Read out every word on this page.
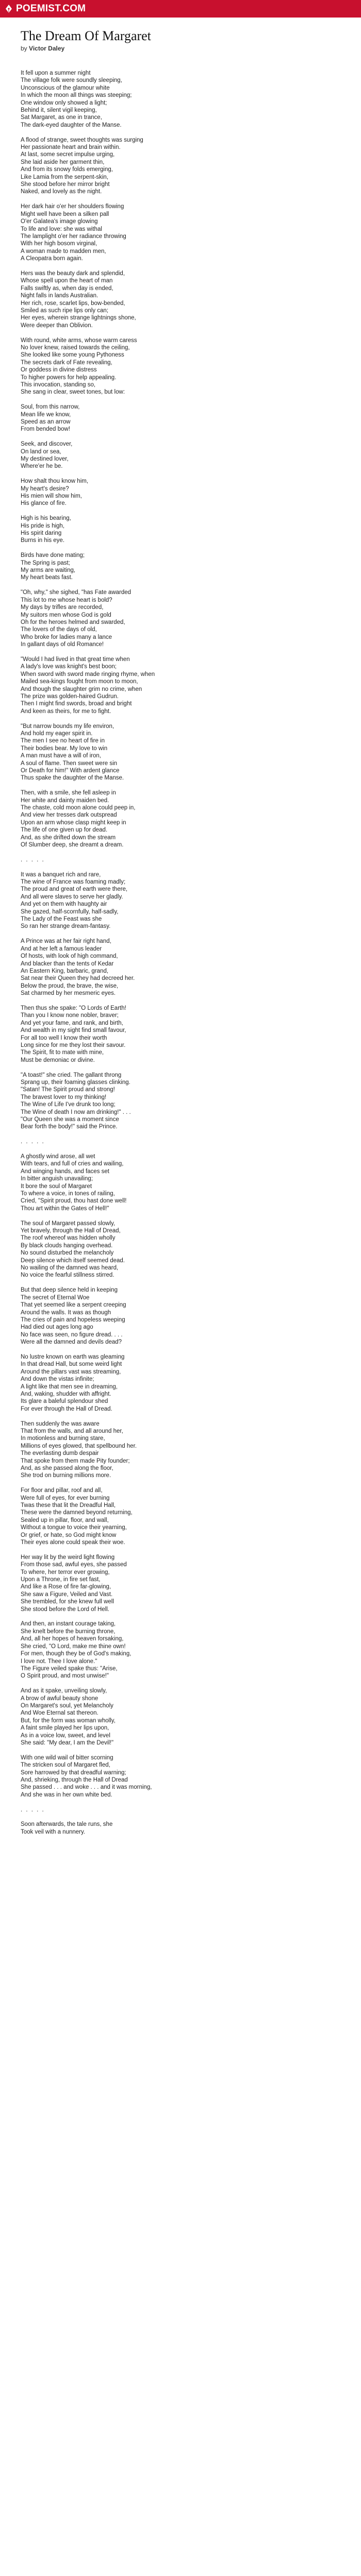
POEMIST.COM
The Dream Of Margaret
by Victor Daley
It fell upon a summer night
The village folk were soundly sleeping,
Unconscious of the glamour white
In which the moon all things was steeping;
One window only showed a light;
Behind it, silent vigil keeping,
Sat Margaret, as one in trance,
The dark-eyed daughter of the Manse.
A flood of strange, sweet thoughts was surging
Her passionate heart and brain within.
At last, some secret impulse urging,
She laid aside her garment thin,
And from its snowy folds emerging,
Like Lamia from the serpent-skin,
She stood before her mirror bright
Naked, and lovely as the night.
Her dark hair o'er her shoulders flowing
Might well have been a silken pall
O'er Galatea's image glowing
To life and love: she was withal
The lamplight o'er her radiance throwing
With her high bosom virginal,
A woman made to madden men,
A Cleopatra born again.
Hers was the beauty dark and splendid,
Whose spell upon the heart of man
Falls swiftly as, when day is ended,
Night falls in lands Australian.
Her rich, rose, scarlet lips, bow-bended,
Smiled as such ripe lips only can;
Her eyes, wherein strange lightnings shone,
Were deeper than Oblivion.
With round, white arms, whose warm caress
No lover knew, raised towards the ceiling,
She looked like some young Pythoness
The secrets dark of Fate revealing,
Or goddess in divine distress
To higher powers for help appealing.
This invocation, standing so,
She sang in clear, sweet tones, but low:
Soul, from this narrow,
Mean life we know,
Speed as an arrow
From bended bow!
Seek, and discover,
On land or sea,
My destined lover,
Where'er he be.
How shalt thou know him,
My heart's desire?
His mien will show him,
His glance of fire.
High is his bearing,
His pride is high,
His spirit daring
Burns in his eye.
Birds have done mating;
The Spring is past;
My arms are waiting,
My heart beats fast.
"Oh, why," she sighed, "has Fate awarded
This lot to me whose heart is bold?
My days by trifles are recorded,
My suitors men whose God is gold
Oh for the heroes helmed and swarded,
The lovers of the days of old,
Who broke for ladies many a lance
In gallant days of old Romance!
"Would I had lived in that great time when
A lady's love was knight's best boon;
When sword with sword made ringing rhyme, when
Mailed sea-kings fought from moon to moon,
And though the slaughter grim no crime, when
The prize was golden-haired Gudrun.
Then I might find swords, broad and bright
And keen as theirs, for me to fight.
"But narrow bounds my life environ,
And hold my eager spirit in.
The men I see no heart of fire in
Their bodies bear. My love to win
A man must have a will of iron,
A soul of flame. Then sweet were sin
Or Death for him!" With ardent glance
Thus spake the daughter of the Manse.
Then, with a smile, she fell asleep in
Her white and dainty maiden bed.
The chaste, cold moon alone could peep in,
And view her tresses dark outspread
Upon an arm whose clasp might keep in
The life of one given up for dead.
And, as she drifted down the stream
Of Slumber deep, she dreamt a dream.
. . . . .
It was a banquet rich and rare,
The wine of France was foaming madly;
The proud and great of earth were there,
And all were slaves to serve her gladly.
And yet on them with haughty air
She gazed, half-scornfully, half-sadly,
The Lady of the Feast was she
So ran her strange dream-fantasy.
A Prince was at her fair right hand,
And at her left a famous leader
Of hosts, with look of high command,
And blacker than the tents of Kedar
An Eastern King, barbaric, grand,
Sat near their Queen they had decreed her.
Below the proud, the brave, the wise,
Sat charmed by her mesmeric eyes.
Then thus she spake: "O Lords of Earth!
Than you I know none nobler, braver;
And yet your fame, and rank, and birth,
And wealth in my sight find small favour,
For all too well I know their worth
Long since for me they lost their savour.
The Spirit, fit to mate with mine,
Must be demoniac or divine.
"A toast!" she cried. The gallant throng
Sprang up, their foaming glasses clinking.
"Satan! The Spirit proud and strong!
The bravest lover to my thinking!
The Wine of Life I've drunk too long;
The Wine of death I now am drinking!" . . .
"Our Queen she was a moment since
Bear forth the body!" said the Prince.
. . . . .
A ghostly wind arose, all wet
With tears, and full of cries and wailing,
And winging hands, and faces set
In bitter anguish unavailing;
It bore the soul of Margaret
To where a voice, in tones of railing,
Cried, "Spirit proud, thou hast done well!
Thou art within the Gates of Hell!"
The soul of Margaret passed slowly,
Yet bravely, through the Hall of Dread,
The roof whereof was hidden wholly
By black clouds hanging overhead.
No sound disturbed the melancholy
Deep silence which itself seemed dead.
No wailing of the damned was heard,
No voice the fearful stillness stirred.
But that deep silence held in keeping
The secret of Eternal Woe
That yet seemed like a serpent creeping
Around the walls. It was as though
The cries of pain and hopeless weeping
Had died out ages long ago
No face was seen, no figure dread. . . .
Were all the damned and devils dead?
No lustre known on earth was gleaming
In that dread Hall, but some weird light
Around the pillars vast was streaming,
And down the vistas infinite;
A light like that men see in dreaming,
And, waking, shudder with affright.
Its glare a baleful splendour shed
For ever through the Hall of Dread.
Then suddenly the was aware
That from the walls, and all around her,
In motionless and burning stare,
Millions of eyes glowed, that spellbound her.
The everlasting dumb despair
That spoke from them made Pity founder;
And, as she passed along the floor,
She trod on burning millions more.
For floor and pillar, roof and all,
Were full of eyes, for ever burning
Twas these that lit the Dreadful Hall,
These were the damned beyond returning,
Sealed up in pillar, floor, and wall,
Without a tongue to voice their yearning,
Or grief, or hate, so God might know
Their eyes alone could speak their woe.
Her way lit by the weird light flowing
From those sad, awful eyes, she passed
To where, her terror ever growing,
Upon a Throne, in fire set fast,
And like a Rose of fire far-glowing,
She saw a Figure, Veiled and Vast.
She trembled, for she knew full well
She stood before the Lord of Hell.
And then, an instant courage taking,
She knelt before the burning throne,
And, all her hopes of heaven forsaking,
She cried, "O Lord, make me thine own!
For men, though they be of God's making,
I love not. Thee I love alone."
The Figure veiled spake thus: "Arise,
O Spirit proud, and most unwise!"
And as it spake, unveiling slowly,
A brow of awful beauty shone
On Margaret's soul, yet Melancholy
And Woe Eternal sat thereon.
But, for the form was woman wholly,
A faint smile played her lips upon,
As in a voice low, sweet, and level
She said: "My dear, I am the Devil!"
With one wild wail of bitter scorning
The stricken soul of Margaret fled,
Sore harrowed by that dreadful warning;
And, shrieking, through the Hall of Dread
She passed . . . and woke . . . and it was morning,
And she was in her own white bed.
. . . . .
Soon afterwards, the tale runs, she
Took veil with a nunnery.
